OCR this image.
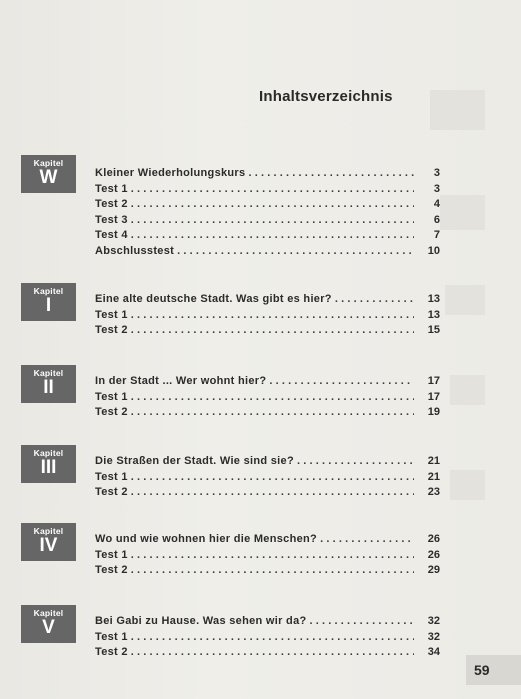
Inhaltsverzeichnis
Kapitel
W	Kleiner Wiederholungskurs .....	3
Test 1 .....	3
Test 2 .....	4
Test 3 .....	6
Test 4 .....	7
Abschlusstest .....	10
Kapitel
I	Eine alte deutsche Stadt. Was gibt es hier? .....	13
Test 1 .....	13
Test 2 .....	15
Kapitel
II	In der Stadt ... Wer wohnt hier? .....	17
Test 1 .....	17
Test 2 .....	19
Kapitel
III	Die Straßen der Stadt. Wie sind sie? .....	21
Test 1 .....	21
Test 2 .....	23
Kapitel
IV	Wo und wie wohnen hier die Menschen? .....	26
Test 1 .....	26
Test 2 .....	29
Kapitel
V	Bei Gabi zu Hause. Was sehen wir da? .....	32
Test 1 .....	32
Test 2 .....	34
59
